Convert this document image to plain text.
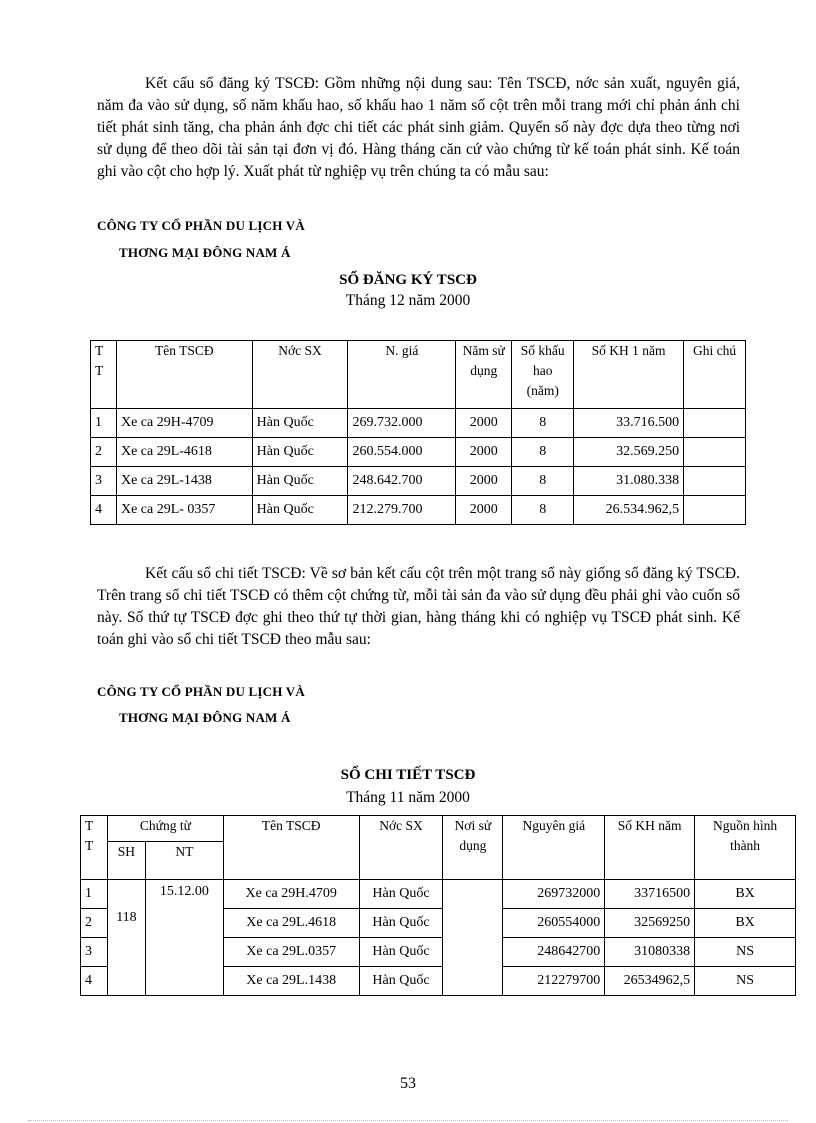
Kết cấu sổ đăng ký TSCĐ: Gồm những nội dung sau: Tên TSCĐ, nớc sản xuất, nguyên giá, năm đa vào sử dụng, số năm khấu hao, số khấu hao 1 năm số cột trên mỗi trang mới chỉ phản ánh chi tiết phát sinh tăng, cha phản ánh đợc chi tiết các phát sinh giảm. Quyển số này đợc dựa theo từng nơi sử dụng để theo dõi tài sản tại đơn vị đó. Hàng tháng căn cứ vào chứng từ kế toán phát sinh. Kế toán ghi vào cột cho hợp lý. Xuất phát từ nghiệp vụ trên chúng ta có mẫu sau:

CÔNG TY CỔ PHẦN DU LỊCH VÀ
THƠNG MẠI ĐÔNG NAM Á
SỔ ĐĂNG KÝ TSCĐ
Tháng 12 năm 2000
T T	Tên TSCĐ	Nớc SX	N. giá	Năm sử dụng	Số khấu hao (năm)	Số KH 1 năm	Ghi chú
1	Xe ca 29H-4709	Hàn Quốc	269.732.000	2000	8	33.716.500	
2	Xe ca 29L-4618	Hàn Quốc	260.554.000	2000	8	32.569.250	
3	Xe ca 29L-1438	Hàn Quốc	248.642.700	2000	8	31.080.338	
4	Xe ca 29L- 0357	Hàn Quốc	212.279.700	2000	8	26.534.962,5	

Kết cấu sổ chi tiết TSCĐ: Về sơ bản kết cấu cột trên một trang sổ này giống sổ đăng ký TSCĐ. Trên trang sổ chi tiết TSCĐ có thêm cột chứng từ, mỗi tài sản đa vào sử dụng đều phải ghi vào cuốn sổ này. Số thứ tự TSCĐ đợc ghi theo thứ tự thời gian, hàng tháng khi có nghiệp vụ TSCĐ phát sinh. Kế toán ghi vào sổ chi tiết TSCĐ theo mẫu sau:

CÔNG TY CỔ PHẦN DU LỊCH VÀ
THƠNG MẠI ĐÔNG NAM Á
SỔ CHI TIẾT TSCĐ
Tháng 11 năm 2000
T T	Chứng từ		Tên TSCĐ	Nớc SX	Nơi sử dụng	Nguyên giá	Số KH năm	Nguồn hình thành
	SH	NT						
1	118	15.12.00	Xe ca 29H.4709	Hàn Quốc		269732000	33716500	BX
2			Xe ca 29L.4618	Hàn Quốc		260554000	32569250	BX
3			Xe ca 29L.0357	Hàn Quốc		248642700	31080338	NS
4			Xe ca 29L.1438	Hàn Quốc		212279700	26534962,5	NS
53
